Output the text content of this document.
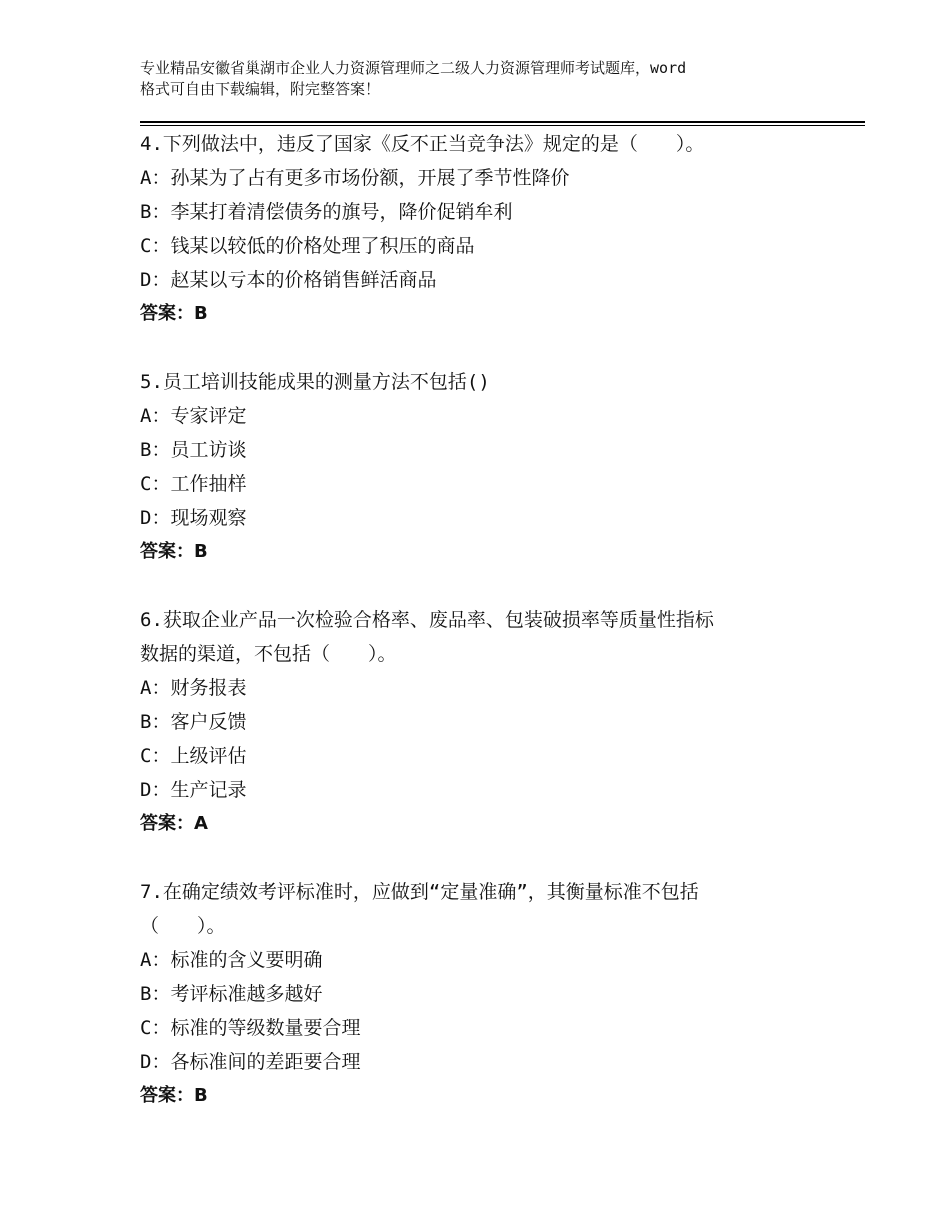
专业精品安徽省巢湖市企业人力资源管理师之二级人力资源管理师考试题库，word
格式可自由下载编辑，附完整答案！
4.下列做法中，违反了国家《反不正当竞争法》规定的是（　　）。
A：孙某为了占有更多市场份额，开展了季节性降价
B：李某打着清偿债务的旗号，降价促销牟利
C：钱某以较低的价格处理了积压的商品
D：赵某以亏本的价格销售鲜活商品
答案：B
5.员工培训技能成果的测量方法不包括()
A：专家评定
B：员工访谈
C：工作抽样
D：现场观察
答案：B
6.获取企业产品一次检验合格率、废品率、包装破损率等质量性指标
数据的渠道，不包括（　　）。
A：财务报表
B：客户反馈
C：上级评估
D：生产记录
答案：A
7.在确定绩效考评标准时，应做到“定量准确”，其衡量标准不包括
（　　）。
A：标准的含义要明确
B：考评标准越多越好
C：标准的等级数量要合理
D：各标准间的差距要合理
答案：B
